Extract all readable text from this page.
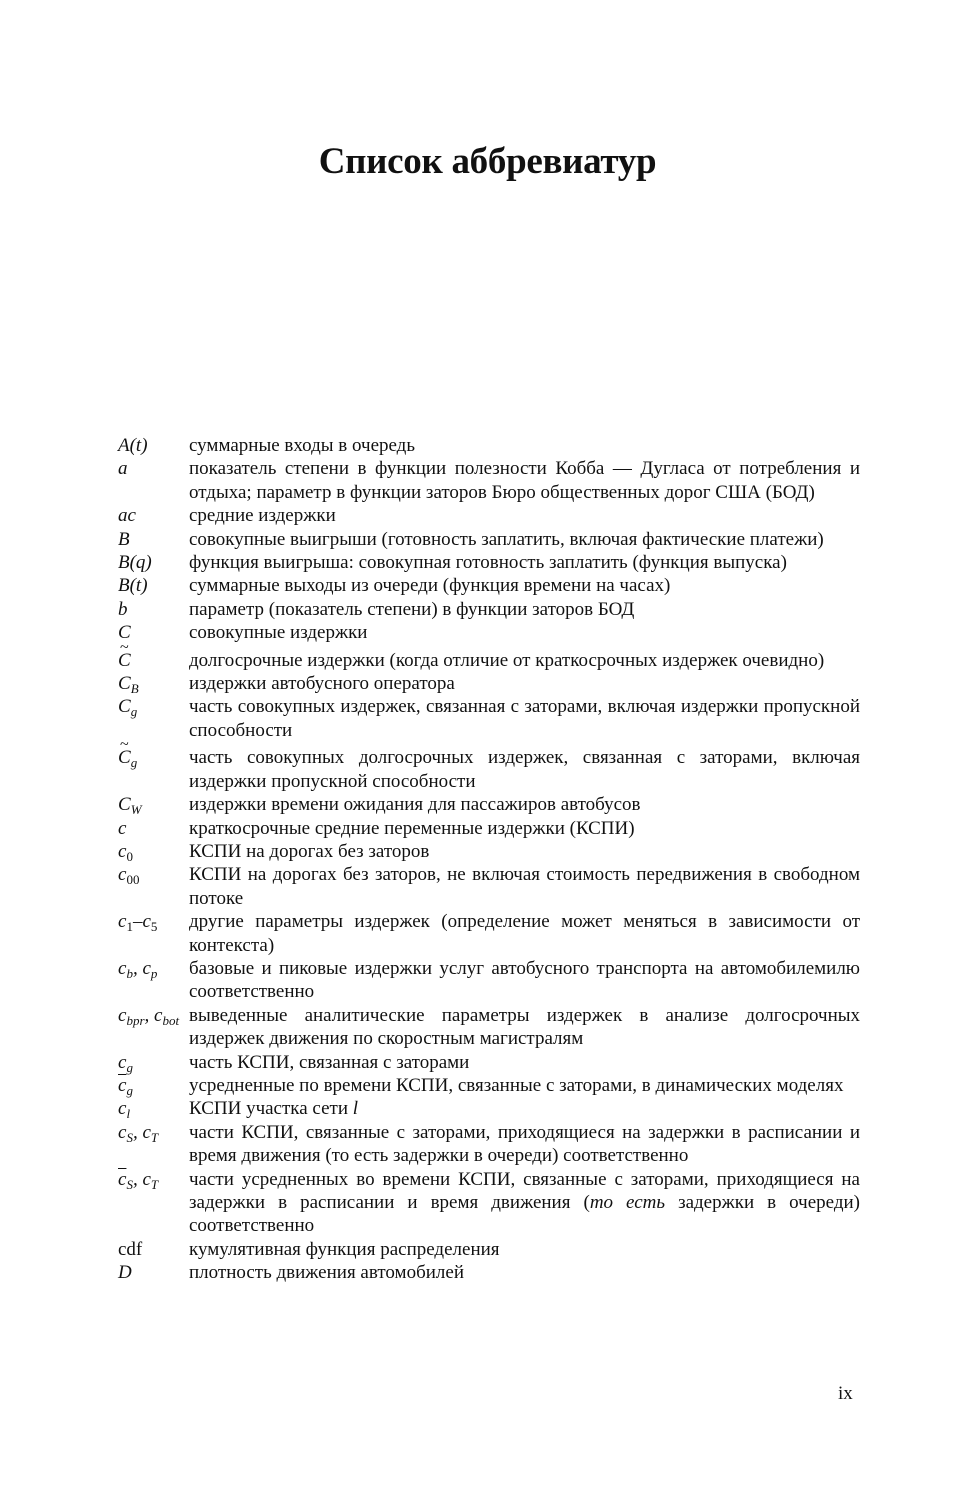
Список аббревиатур
A(t)	суммарные входы в очередь
a	показатель степени в функции полезности Кобба — Дугласа от потребления и отдыха; параметр в функции заторов Бюро общественных дорог США (БОД)
ac	средние издержки
B	совокупные выигрыши (готовность заплатить, включая фактические платежи)
B(q)	функция выигрыша: совокупная готовность заплатить (функция выпуска)
B(t)	суммарные выходы из очереди (функция времени на часах)
b	параметр (показатель степени) в функции заторов БОД
C	совокупные издержки
~ C	долгосрочные издержки (когда отличие от краткосрочных издержек очевидно)
$C_B$	издержки автобусного оператора
$C_g$	часть совокупных издержек, связанная с заторами, включая издержки пропускной способности
~ $C_g$	часть совокупных долгосрочных издержек, связанная с заторами, включая издержки пропускной способности
$C_W$	издержки времени ожидания для пассажиров автобусов
c	краткосрочные средние переменные издержки (КСПИ)
$c_0$	КСПИ на дорогах без заторов
$c_{00}$	КСПИ на дорогах без заторов, не включая стоимость передвижения в свободном потоке
$c_1-c_5$	другие параметры издержек (определение может меняться в зависимости от контекста)
$c_b$, $c_p$	базовые и пиковые издержки услуг автобусного транспорта на автомобилемилю соответственно
$c_{bpr}$, $c_{bot}$ выведенные аналитические параметры издержек в анализе долгосрочных издержек движения по скоростным магистралям
$c_g$	часть КСПИ, связанная с заторами
$\overline{c}_g$	усредненные по времени КСПИ, связанные с заторами, в динамических моделях
$c_l$	КСПИ участка сети l
$c_S$, $c_T$	части КСПИ, связанные с заторами, приходящиеся на задержки в расписании и время движения (то есть задержки в очереди) соответственно
$\overline{c}_S$, $c_T$	части усредненных во времени КСПИ, связанные с заторами, приходящиеся на задержки в расписании и время движения (то есть задержки в очереди) соответственно
cdf	кумулятивная функция распределения
D	плотность движения автомобилей
ix
